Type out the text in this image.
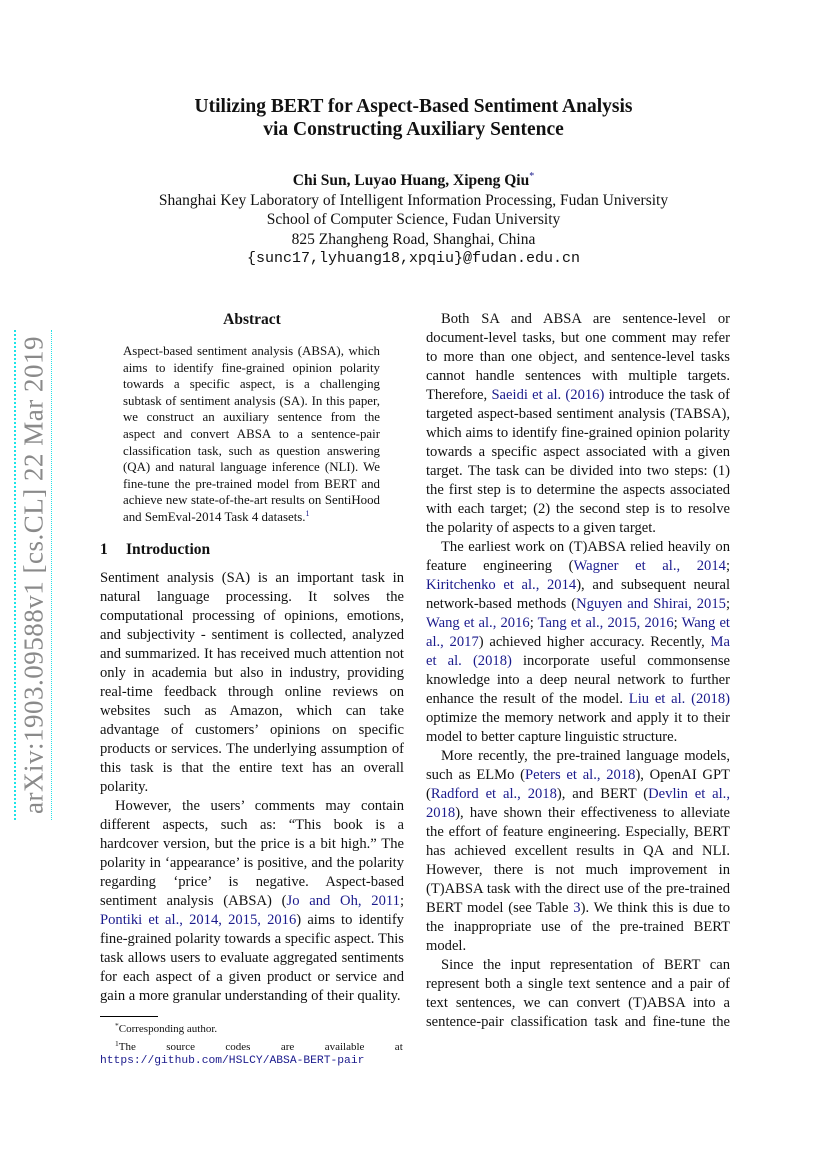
arXiv:1903.09588v1 [cs.CL] 22 Mar 2019
Utilizing BERT for Aspect-Based Sentiment Analysis
via Constructing Auxiliary Sentence
Chi Sun, Luyao Huang, Xipeng Qiu*
Shanghai Key Laboratory of Intelligent Information Processing, Fudan University
School of Computer Science, Fudan University
825 Zhangheng Road, Shanghai, China
{sunc17,lyhuang18,xpqiu}@fudan.edu.cn
Abstract
Aspect-based sentiment analysis (ABSA), which aims to identify fine-grained opinion polarity towards a specific aspect, is a challenging subtask of sentiment analysis (SA). In this paper, we construct an auxiliary sentence from the aspect and convert ABSA to a sentence-pair classification task, such as question answering (QA) and natural language inference (NLI). We fine-tune the pre-trained model from BERT and achieve new state-of-the-art results on SentiHood and SemEval-2014 Task 4 datasets.$^1$
1 Introduction

Sentiment analysis (SA) is an important task in natural language processing. It solves the computational processing of opinions, emotions, and subjectivity - sentiment is collected, analyzed and summarized. It has received much attention not only in academia but also in industry, providing real-time feedback through online reviews on websites such as Amazon, which can take advantage of customers’ opinions on specific products or services. The underlying assumption of this task is that the entire text has an overall polarity.

However, the users’ comments may contain different aspects, such as: “This book is a hardcover version, but the price is a bit high.” The polarity in ‘appearance’ is positive, and the polarity regarding ‘price’ is negative. Aspect-based sentiment analysis (ABSA) (Jo and Oh, 2011; Pontiki et al., 2014, 2015, 2016) aims to identify fine-grained polarity towards a specific aspect. This task allows users to evaluate aggregated sentiments for each aspect of a given product or service and gain a more granular understanding of their quality.

*Corresponding author.
$^1$The source codes are available at
https://github.com/HSLCY/ABSA-BERT-pair

Both SA and ABSA are sentence-level or document-level tasks, but one comment may refer to more than one object, and sentence-level tasks cannot handle sentences with multiple targets. Therefore, Saeidi et al. (2016) introduce the task of targeted aspect-based sentiment analysis (TABSA), which aims to identify fine-grained opinion polarity towards a specific aspect associated with a given target. The task can be divided into two steps: (1) the first step is to determine the aspects associated with each target; (2) the second step is to resolve the polarity of aspects to a given target.

The earliest work on (T)ABSA relied heavily on feature engineering (Wagner et al., 2014; Kiritchenko et al., 2014), and subsequent neural network-based methods (Nguyen and Shirai, 2015; Wang et al., 2016; Tang et al., 2015, 2016; Wang et al., 2017) achieved higher accuracy. Recently, Ma et al. (2018) incorporate useful commonsense knowledge into a deep neural network to further enhance the result of the model. Liu et al. (2018) optimize the memory network and apply it to their model to better capture linguistic structure.

More recently, the pre-trained language models, such as ELMo (Peters et al., 2018), OpenAI GPT (Radford et al., 2018), and BERT (Devlin et al., 2018), have shown their effectiveness to alleviate the effort of feature engineering. Especially, BERT has achieved excellent results in QA and NLI. However, there is not much improvement in (T)ABSA task with the direct use of the pre-trained BERT model (see Table 3). We think this is due to the inappropriate use of the pre-trained BERT model.

Since the input representation of BERT can represent both a single text sentence and a pair of text sentences, we can convert (T)ABSA into a sentence-pair classification task and fine-tune the
